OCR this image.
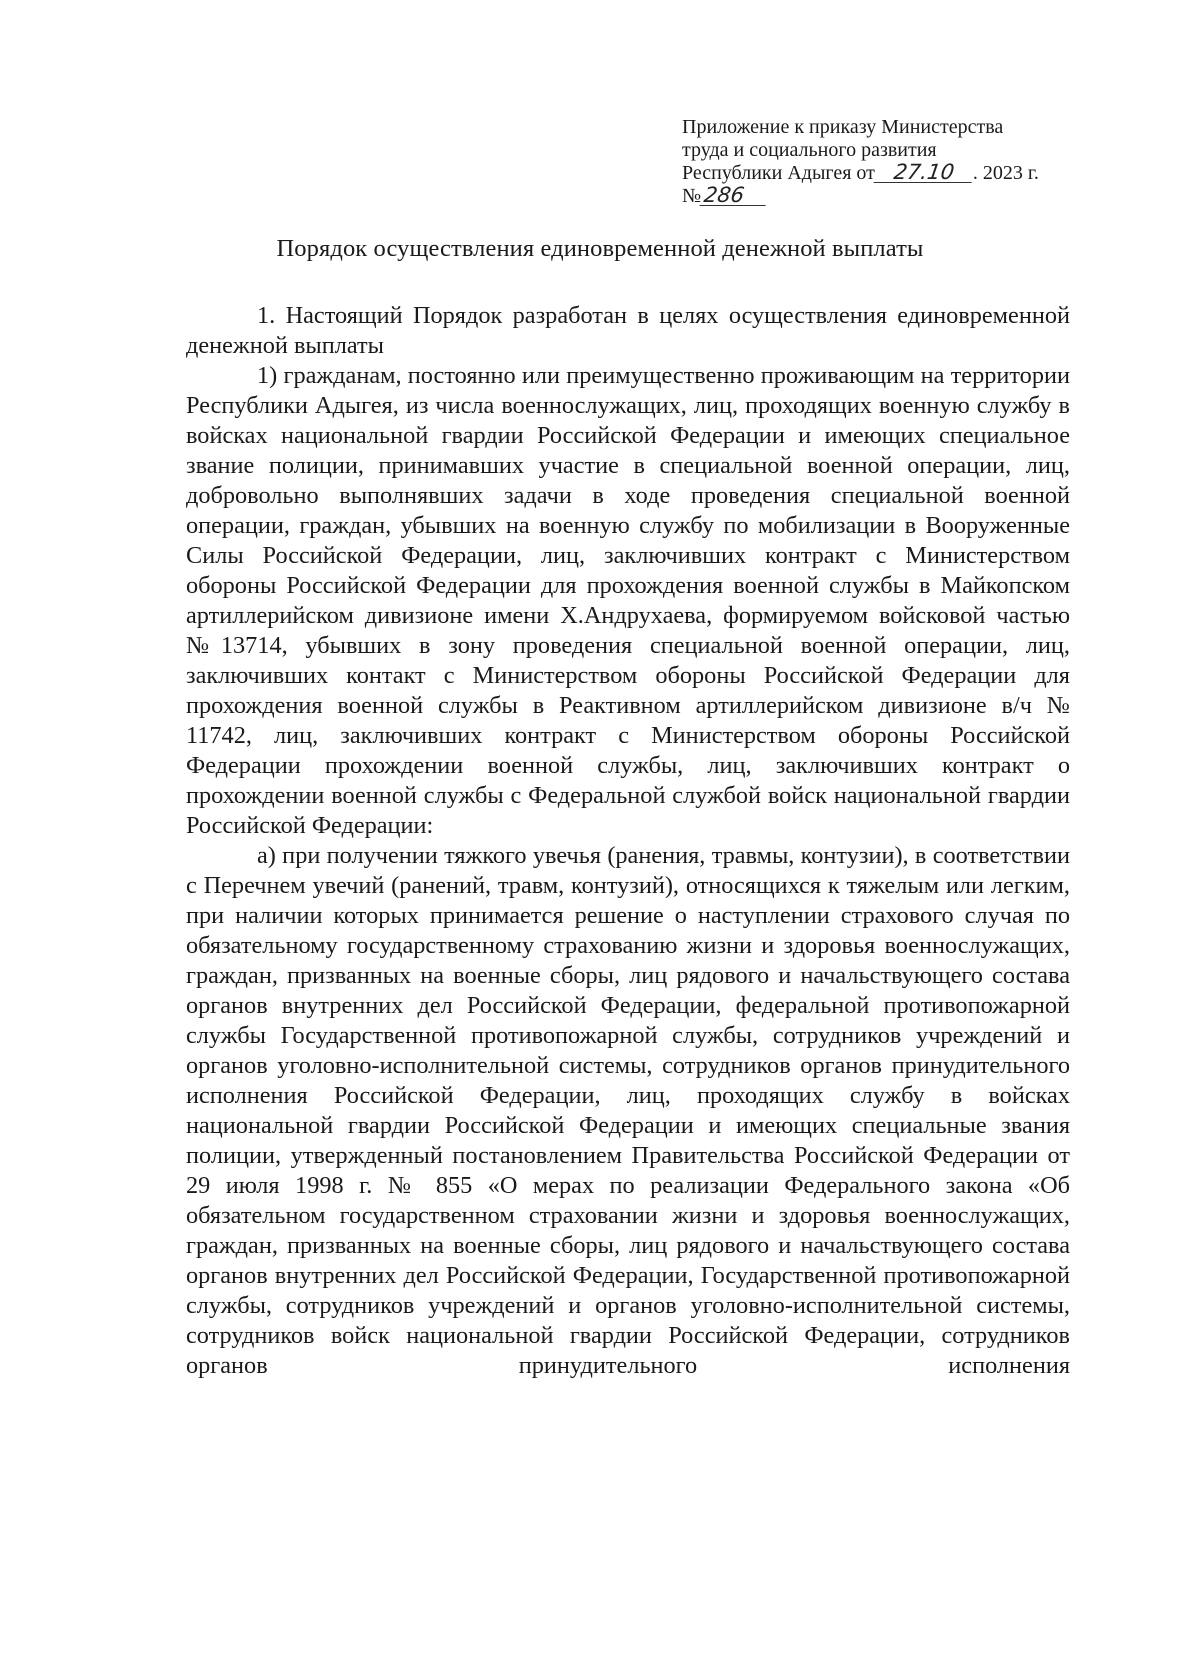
Приложение к приказу Министерства
труда и социального развития
Республики Адыгея от 27.10 . 2023 г.
№286
Порядок осуществления единовременной денежной выплаты

1. Настоящий Порядок разработан в целях осуществления единовременной денежной выплаты

1) гражданам, постоянно или преимущественно проживающим на территории Республики Адыгея, из числа военнослужащих, лиц, проходящих военную службу в войсках национальной гвардии Российской Федерации и имеющих специальное звание полиции, принимавших участие в специальной военной операции, лиц, добровольно выполнявших задачи в ходе проведения специальной военной операции, граждан, убывших на военную службу по мобилизации в Вооруженные Силы Российской Федерации, лиц, заключивших контракт с Министерством обороны Российской Федерации для прохождения военной службы в Майкопском артиллерийском дивизионе имени Х.Андрухаева, формируемом войсковой частью №13714, убывших в зону проведения специальной военной операции, лиц, заключивших контакт с Министерством обороны Российской Федерации для прохождения военной службы в Реактивном артиллерийском дивизионе в/ч № 11742, лиц, заключивших контракт с Министерством обороны Российской Федерации прохождении военной службы, лиц, заключивших контракт о прохождении военной службы с Федеральной службой войск национальной гвардии Российской Федерации:

а) при получении тяжкого увечья (ранения, травмы, контузии), в соответствии с Перечнем увечий (ранений, травм, контузий), относящихся к тяжелым или легким, при наличии которых принимается решение о наступлении страхового случая по обязательному государственному страхованию жизни и здоровья военнослужащих, граждан, призванных на военные сборы, лиц рядового и начальствующего состава органов внутренних дел Российской Федерации, федеральной противопожарной службы Государственной противопожарной службы, сотрудников учреждений и органов уголовно-исполнительной системы, сотрудников органов принудительного исполнения Российской Федерации, лиц, проходящих службу в войсках национальной гвардии Российской Федерации и имеющих специальные звания полиции, утвержденный постановлением Правительства Российской Федерации от 29 июля 1998 г. № 855 «О мерах по реализации Федерального закона «Об обязательном государственном страховании жизни и здоровья военнослужащих, граждан, призванных на военные сборы, лиц рядового и начальствующего состава органов внутренних дел Российской Федерации, Государственной противопожарной службы, сотрудников учреждений и органов уголовно-исполнительной системы, сотрудников войск национальной гвардии Российской Федерации, сотрудников органов принудительного исполнения
